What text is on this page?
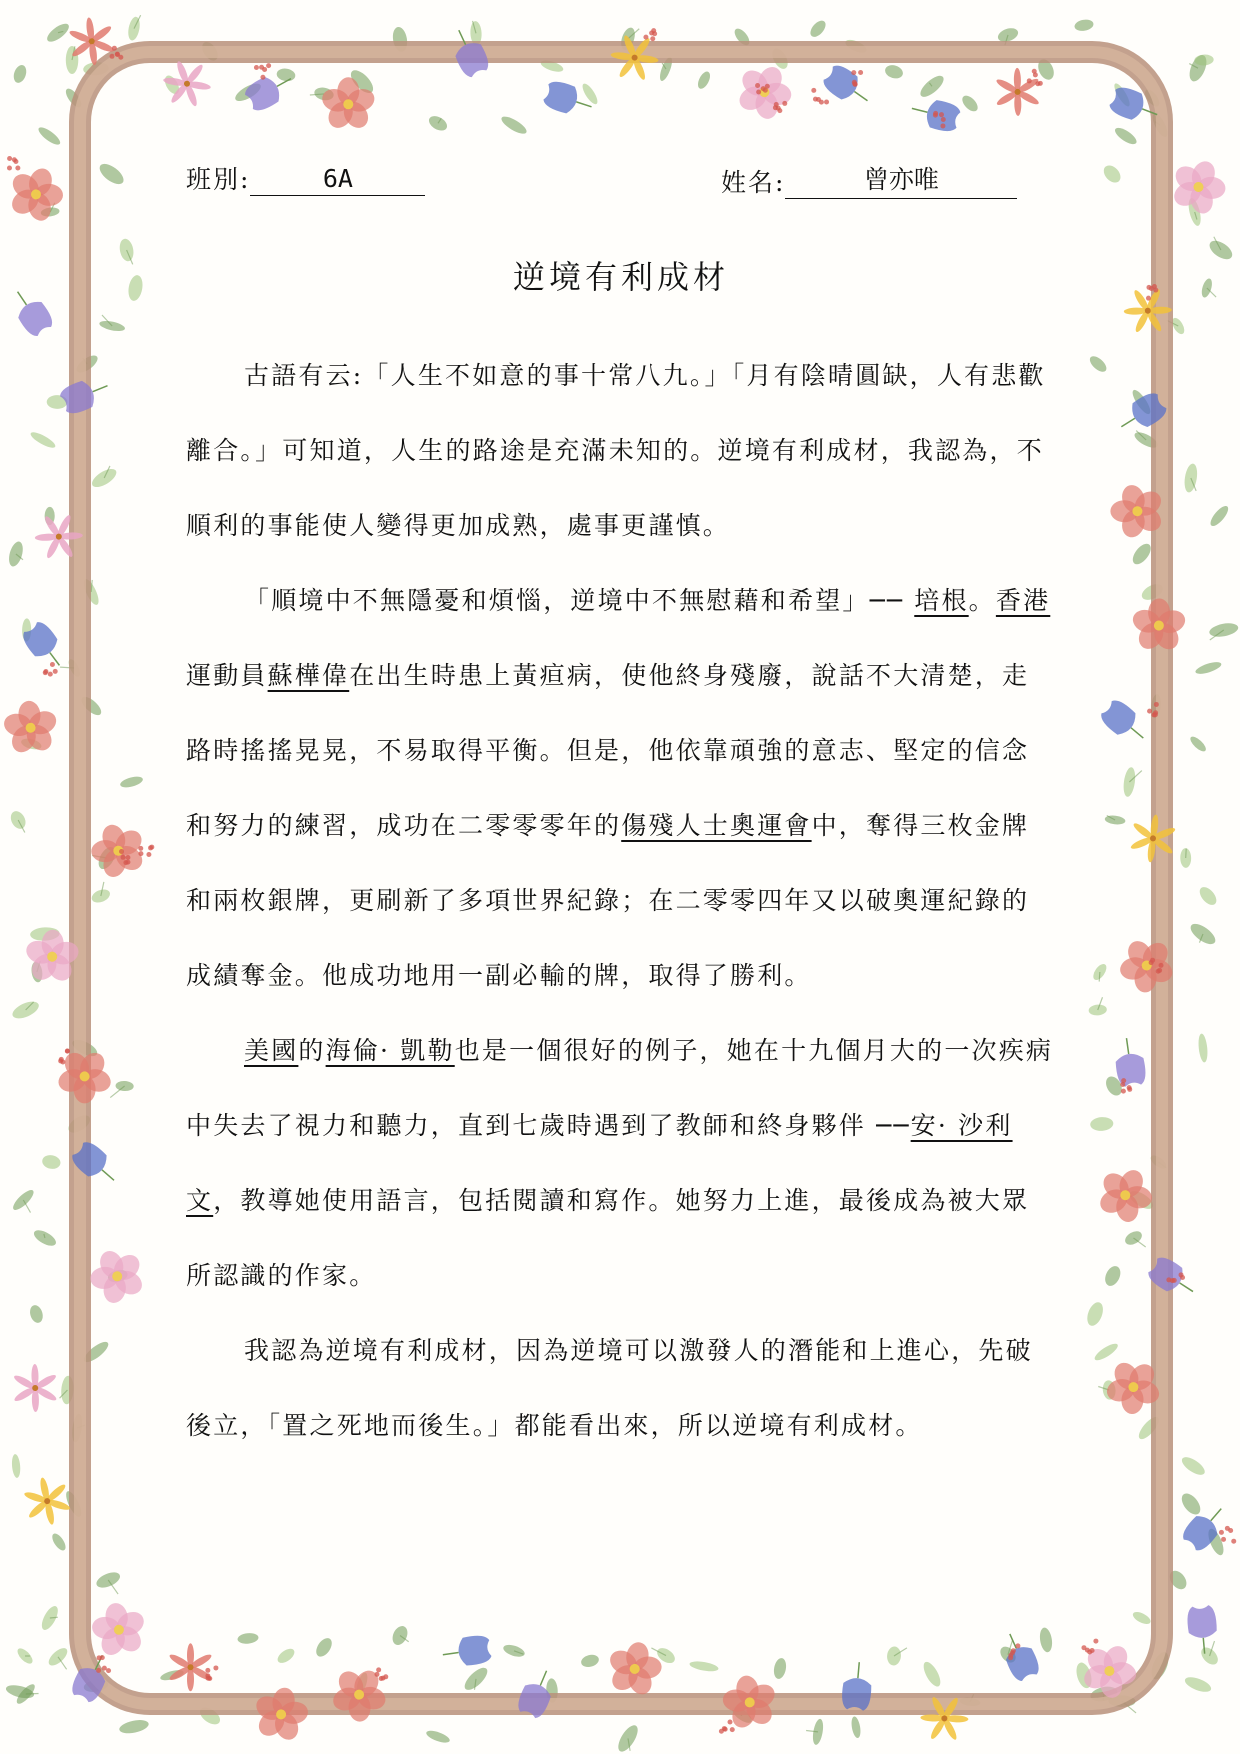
班別:	6A	姓名:	曾亦唯
逆境有利成材

古語有云:「人生不如意的事十常八九。」「月有陰晴圓缺，人有悲歡離合。」可知道，人生的路途是充滿未知的。逆境有利成材，我認為，不順利的事能使人變得更加成熟，處事更謹慎。

「順境中不無隱憂和煩惱，逆境中不無慰藉和希望」── 培根。香港運動員蘇樺偉在出生時患上黃疸病，使他終身殘廢，說話不大清楚，走路時搖搖晃晃，不易取得平衡。但是，他依靠頑強的意志、堅定的信念和努力的練習，成功在二零零零年的傷殘人士奧運會中，奪得三枚金牌和兩枚銀牌，更刷新了多項世界紀錄；在二零零四年又以破奧運紀錄的成績奪金。他成功地用一副必輸的牌，取得了勝利。

美國的海倫· 凱勒也是一個很好的例子，她在十九個月大的一次疾病中失去了視力和聽力，直到七歲時遇到了教師和終身夥伴 ──安· 沙利文，教導她使用語言，包括閱讀和寫作。她努力上進，最後成為被大眾所認識的作家。

我認為逆境有利成材，因為逆境可以激發人的潛能和上進心，先破後立，「置之死地而後生。」都能看出來，所以逆境有利成材。
